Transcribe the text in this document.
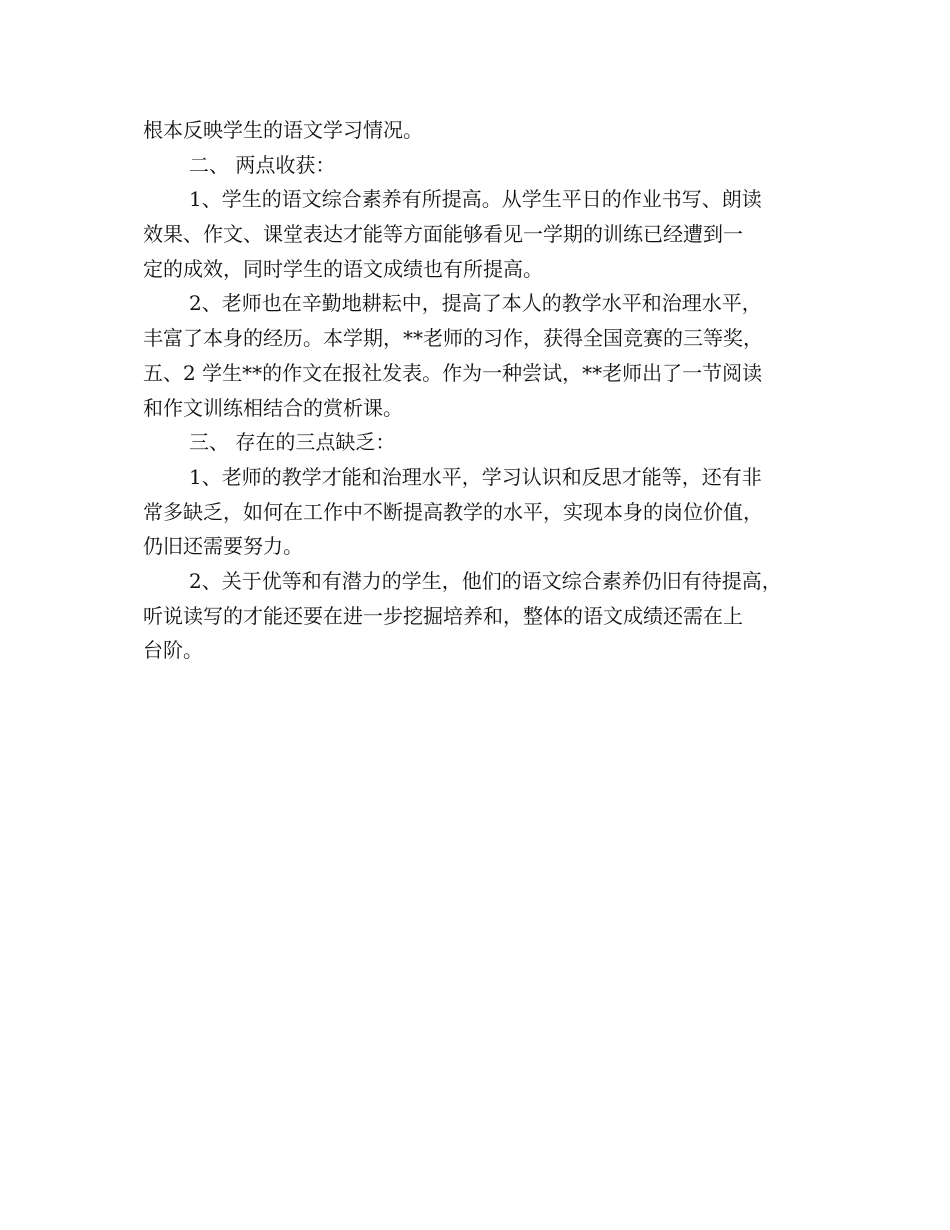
根本反映学生的语文学习情况。
二、 两点收获：
1、学生的语文综合素养有所提高。从学生平日的作业书写、朗读
效果、作文、课堂表达才能等方面能够看见一学期的训练已经遭到一
定的成效，同时学生的语文成绩也有所提高。
2、老师也在辛勤地耕耘中，提高了本人的教学水平和治理水平，
丰富了本身的经历。本学期，**老师的习作，获得全国竞赛的三等奖，
五、2 学生**的作文在报社发表。作为一种尝试，**老师出了一节阅读
和作文训练相结合的赏析课。
三、 存在的三点缺乏：
1、老师的教学才能和治理水平，学习认识和反思才能等，还有非
常多缺乏，如何在工作中不断提高教学的水平，实现本身的岗位价值，
仍旧还需要努力。
2、关于优等和有潜力的学生，他们的语文综合素养仍旧有待提高，
听说读写的才能还要在进一步挖掘培养和，整体的语文成绩还需在上
台阶。
